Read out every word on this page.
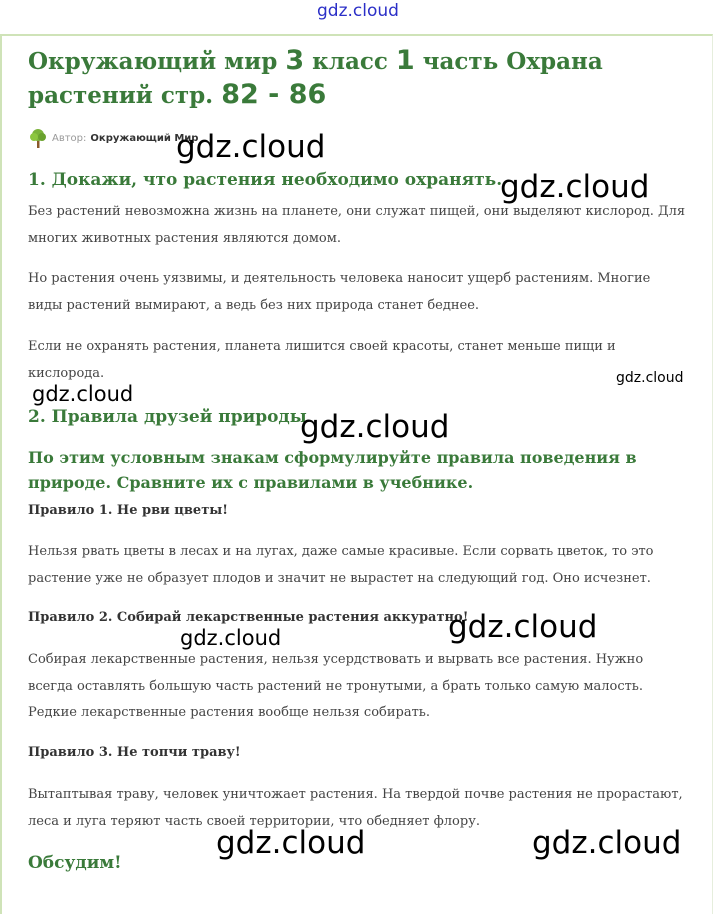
gdz.cloud
Окружающий мир 3 класс 1 часть Охрана растений стр. 82 - 86
Автор: Окружающий Мир
1. Докажи, что растения необходимо охранять.

Без растений невозможна жизнь на планете, они служат пищей, они выделяют кислород. Для многих животных растения являются домом.

Но растения очень уязвимы, и деятельность человека наносит ущерб растениям. Многие виды растений вымирают, а ведь без них природа станет беднее.

Если не охранять растения, планета лишится своей красоты, станет меньше пищи и кислорода.

2. Правила друзей природы
По этим условным знакам сформулируйте правила поведения в природе. Сравните их с правилами в учебнике.

Правило 1. Не рви цветы!

Нельзя рвать цветы в лесах и на лугах, даже самые красивые. Если сорвать цветок, то это растение уже не образует плодов и значит не вырастет на следующий год. Оно исчезнет.

Правило 2. Собирай лекарственные растения аккуратно!

Собирая лекарственные растения, нельзя усердствовать и вырвать все растения. Нужно всегда оставлять большую часть растений не тронутыми, а брать только самую малость. Редкие лекарственные растения вообще нельзя собирать.

Правило 3. Не топчи траву!

Вытаптывая траву, человек уничтожает растения. На твердой почве растения не прорастают, леса и луга теряют часть своей территории, что обедняет флору.

Обсудим!
gdz.cloud
gdz.cloud
gdz.cloud
gdz.cloud
gdz.cloud
gdz.cloud	gdz.cloud
gdz.cloud	gdz.cloud
